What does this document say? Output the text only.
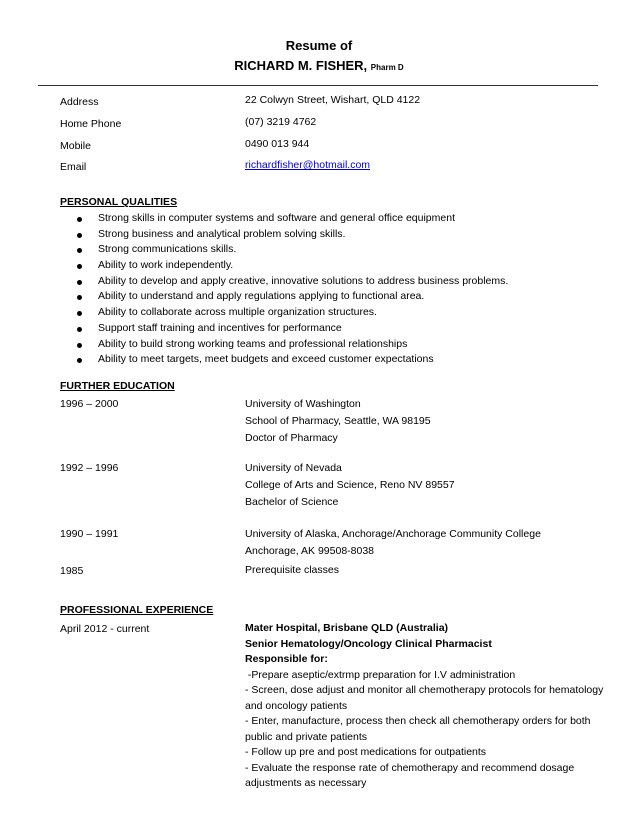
Resume of
RICHARD M. FISHER, Pharm D
Address	22 Colwyn Street, Wishart, QLD 4122
Home Phone	(07) 3219 4762
Mobile	0490 013 944
Email	richardfisher@hotmail.com
PERSONAL QUALITIES
Strong skills in computer systems and software and general office equipment
Strong business and analytical problem solving skills.
Strong communications skills.
Ability to work independently.
Ability to develop and apply creative, innovative solutions to address business problems.
Ability to understand and apply regulations applying to functional area.
Ability to collaborate across multiple organization structures.
Support staff training and incentives for performance
Ability to build strong working teams and professional relationships
Ability to meet targets, meet budgets and exceed customer expectations
FURTHER EDUCATION
1996 – 2000	University of Washington
School of Pharmacy, Seattle, WA 98195
Doctor of Pharmacy
1992 – 1996	University of Nevada
College of Arts and Science, Reno NV 89557
Bachelor of Science
1990 – 1991	University of Alaska, Anchorage/Anchorage Community College
Anchorage, AK 99508-8038
1985	Prerequisite classes
PROFESSIONAL EXPERIENCE
April 2012 - current	Mater Hospital, Brisbane QLD (Australia)
Senior Hematology/Oncology Clinical Pharmacist
Responsible for:
-Prepare aseptic/extrmp preparation for I.V administration
- Screen, dose adjust and monitor all chemotherapy protocols for hematology
and oncology patients
- Enter, manufacture, process then check all chemotherapy orders for both
public and private patients
- Follow up pre and post medications for outpatients
- Evaluate the response rate of chemotherapy and recommend dosage
adjustments as necessary
